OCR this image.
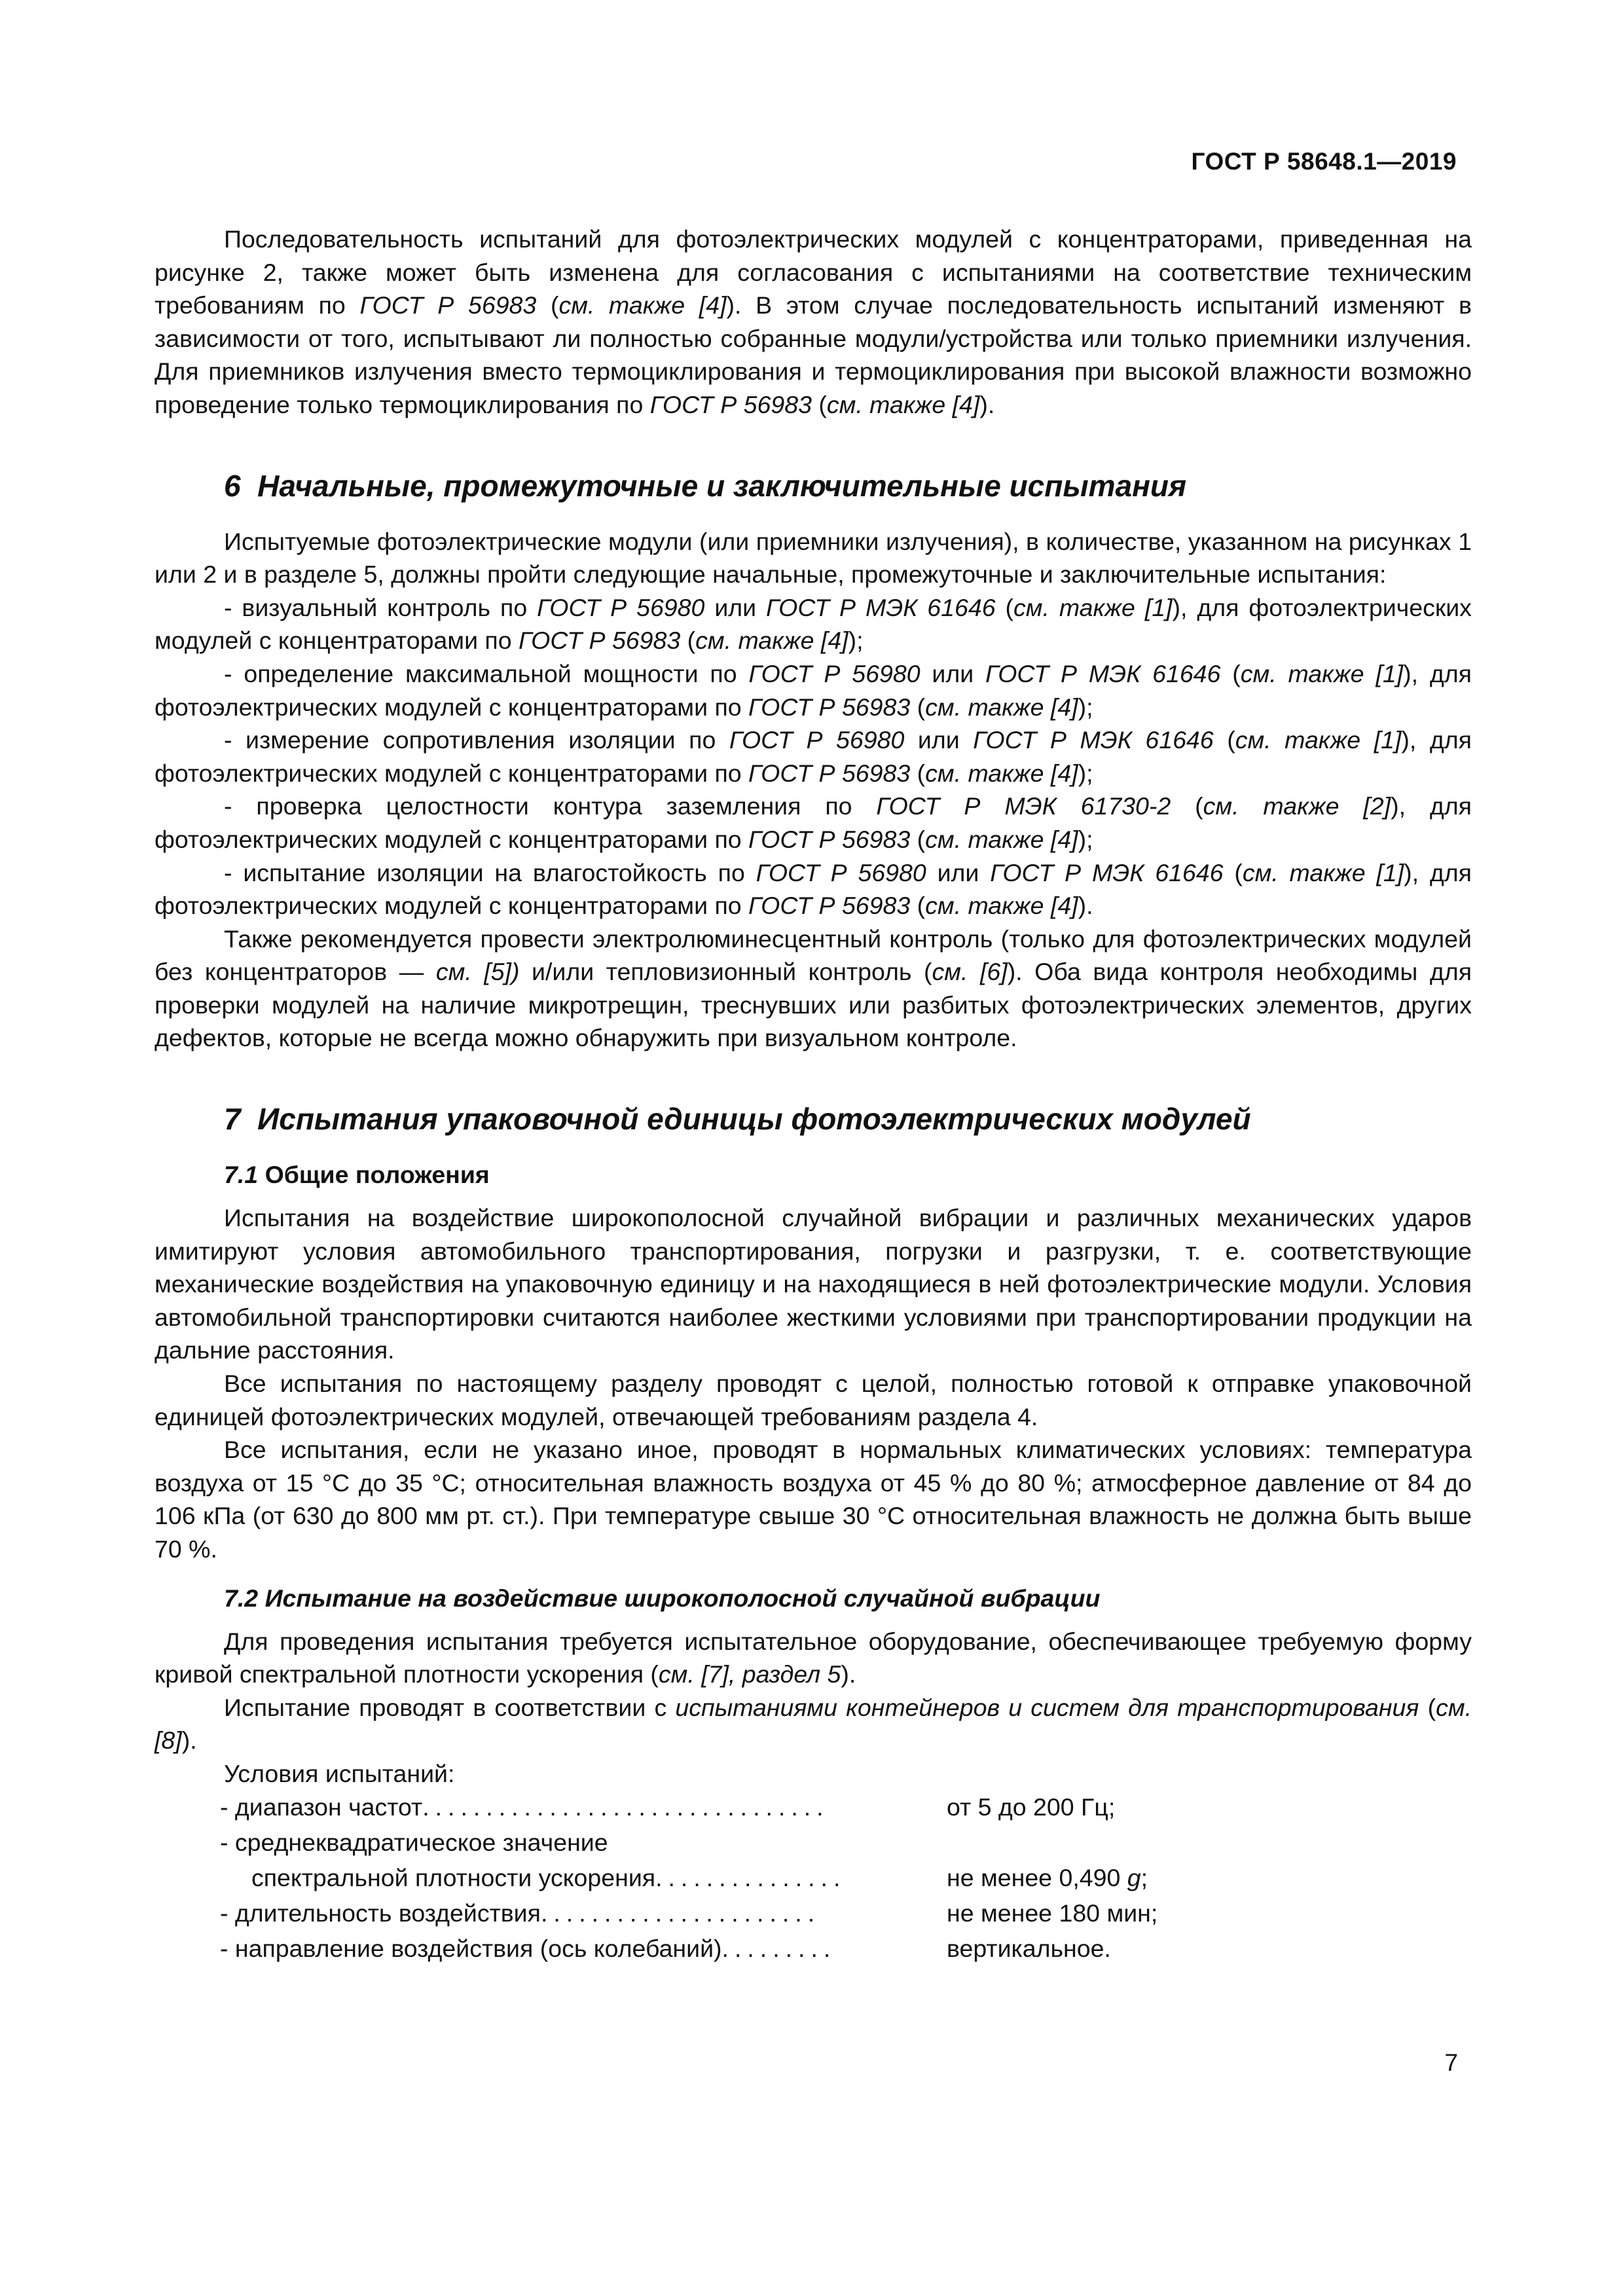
ГОСТ Р 58648.1—2019

Последовательность испытаний для фотоэлектрических модулей с концентраторами, приведенная на рисунке 2, также может быть изменена для согласования с испытаниями на соответствие техническим требованиям по ГОСТ Р 56983 (см. также [4]). В этом случае последовательность испытаний изменяют в зависимости от того, испытывают ли полностью собранные модули/устройства или только приемники излучения. Для приемников излучения вместо термоциклирования и термоциклирования при высокой влажности возможно проведение только термоциклирования по ГОСТ Р 56983 (см. также [4]).

6 Начальные, промежуточные и заключительные испытания

Испытуемые фотоэлектрические модули (или приемники излучения), в количестве, указанном на рисунках 1 или 2 и в разделе 5, должны пройти следующие начальные, промежуточные и заключительные испытания:

- визуальный контроль по ГОСТ Р 56980 или ГОСТ Р МЭК 61646 (см. также [1]), для фотоэлектрических модулей с концентраторами по ГОСТ Р 56983 (см. также [4]);

- определение максимальной мощности по ГОСТ Р 56980 или ГОСТ Р МЭК 61646 (см. также [1]), для фотоэлектрических модулей с концентраторами по ГОСТ Р 56983 (см. также [4]);

- измерение сопротивления изоляции по ГОСТ Р 56980 или ГОСТ Р МЭК 61646 (см. также [1]), для фотоэлектрических модулей с концентраторами по ГОСТ Р 56983 (см. также [4]);

- проверка целостности контура заземления по ГОСТ Р МЭК 61730-2 (см. также [2]), для фотоэлектрических модулей с концентраторами по ГОСТ Р 56983 (см. также [4]);

- испытание изоляции на влагостойкость по ГОСТ Р 56980 или ГОСТ Р МЭК 61646 (см. также [1]), для фотоэлектрических модулей с концентраторами по ГОСТ Р 56983 (см. также [4]).

Также рекомендуется провести электролюминесцентный контроль (только для фотоэлектрических модулей без концентраторов — см. [5]) и/или тепловизионный контроль (см. [6]). Оба вида контроля необходимы для проверки модулей на наличие микротрещин, треснувших или разбитых фотоэлектрических элементов, других дефектов, которые не всегда можно обнаружить при визуальном контроле.

7 Испытания упаковочной единицы фотоэлектрических модулей
7.1 Общие положения

Испытания на воздействие широкополосной случайной вибрации и различных механических ударов имитируют условия автомобильного транспортирования, погрузки и разгрузки, т. е. соответствующие механические воздействия на упаковочную единицу и на находящиеся в ней фотоэлектрические модули. Условия автомобильной транспортировки считаются наиболее жесткими условиями при транспортировании продукции на дальние расстояния.

Все испытания по настоящему разделу проводят с целой, полностью готовой к отправке упаковочной единицей фотоэлектрических модулей, отвечающей требованиям раздела 4.

Все испытания, если не указано иное, проводят в нормальных климатических условиях: температура воздуха от 15 °С до 35 °С; относительная влажность воздуха от 45 % до 80 %; атмосферное давление от 84 до 106 кПа (от 630 до 800 мм рт. ст.). При температуре свыше 30 °С относительная влажность не должна быть выше 70 %.

7.2 Испытание на воздействие широкополосной случайной вибрации

Для проведения испытания требуется испытательное оборудование, обеспечивающее требуемую форму кривой спектральной плотности ускорения (см. [7], раздел 5).

Испытание проводят в соответствии с испытаниями контейнеров и систем для транспортирования (см. [8]).

Условия испытаний:

- диапазон частот ................................	от 5 до 200 Гц;
- среднеквадратическое значение
спектральной плотности ускорения ...............	не менее 0,490 g;
- длительность воздействия ......................	не менее 180 мин;
- направление воздействия (ось колебаний) .........	вертикальное.
7
